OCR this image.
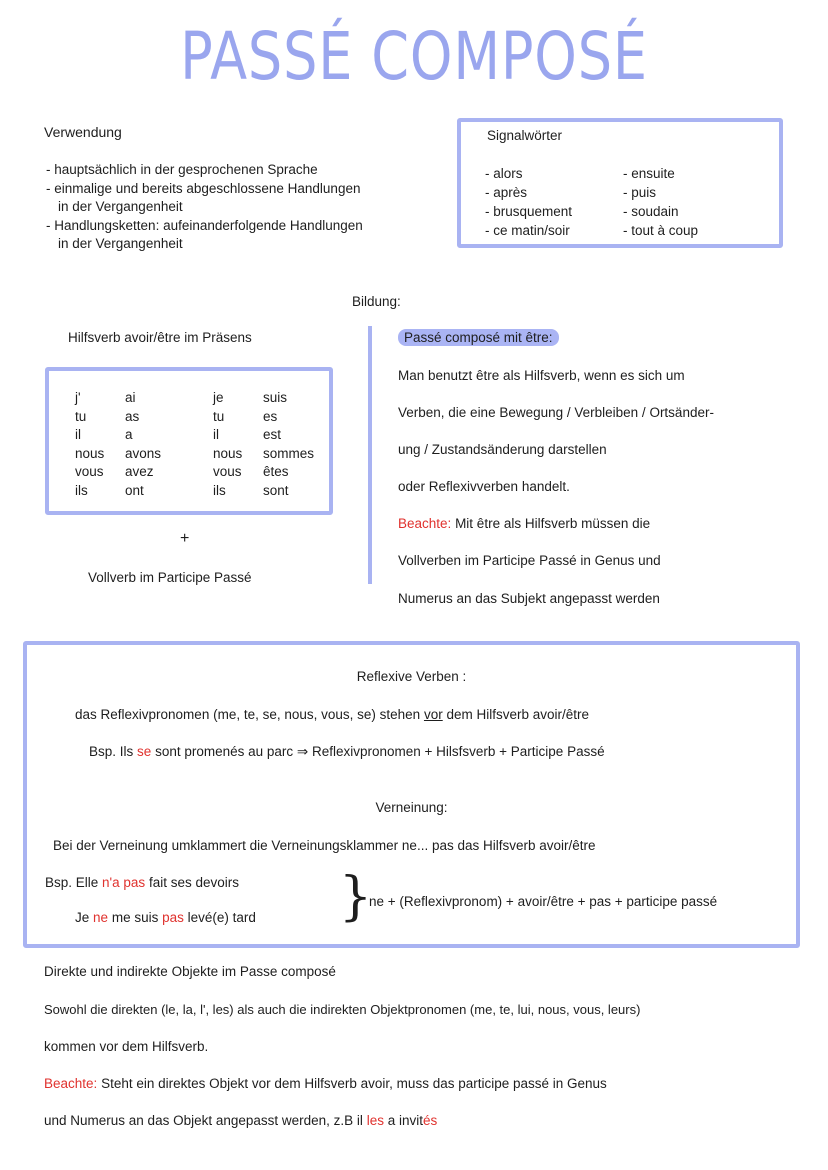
PASSÉ COMPOSÉ
Verwendung
- hauptsächlich in der gesprochenen Sprache
- einmalige und bereits abgeschlossene Handlungen
in der Vergangenheit
- Handlungsketten: aufeinanderfolgende Handlungen
in der Vergangenheit
Signalwörter
- alors
- après
- brusquement
- ce matin/soir
- ensuite
- puis
- soudain
- tout à coup
Bildung:
Hilfsverb avoir/être im Präsens
j'	ai		je	suis
tu	as		tu	es
il	a		il	est
nous	avons		nous	sommes
vous	avez		vous	êtes
ils	ont		ils	sont
+
Vollverb im Participe Passé
Passé composé mit être:
Man benutzt être als Hilfsverb, wenn es sich um
Verben, die eine Bewegung / Verbleiben / Ortsänder-
ung / Zustandsänderung darstellen
oder Reflexivverben handelt.
Beachte: Mit être als Hilfsverb müssen die
Vollverben im Participe Passé in Genus und
Numerus an das Subjekt angepasst werden
Reflexive Verben :
das Reflexivpronomen (me, te, se, nous, vous, se) stehen vor dem Hilfsverb avoir/être
Bsp. Ils se sont promenés au parc ⇒ Reflexivpronomen + Hilsfsverb + Participe Passé
Verneinung:
Bei der Verneinung umklammert die Verneinungsklammer ne... pas das Hilfsverb avoir/être
Bsp. Elle n'a pas fait ses devoirs
Je ne me suis pas levé(e) tard }
ne + (Reflexivpronom) + avoir/être + pas + participe passé
Direkte und indirekte Objekte im Passe composé
Sowohl die direkten (le, la, l', les) als auch die indirekten Objektpronomen (me, te, lui, nous, vous, leurs)
kommen vor dem Hilfsverb.
Beachte: Steht ein direktes Objekt vor dem Hilfsverb avoir, muss das participe passé in Genus
und Numerus an das Objekt angepasst werden, z.B il les a invités
